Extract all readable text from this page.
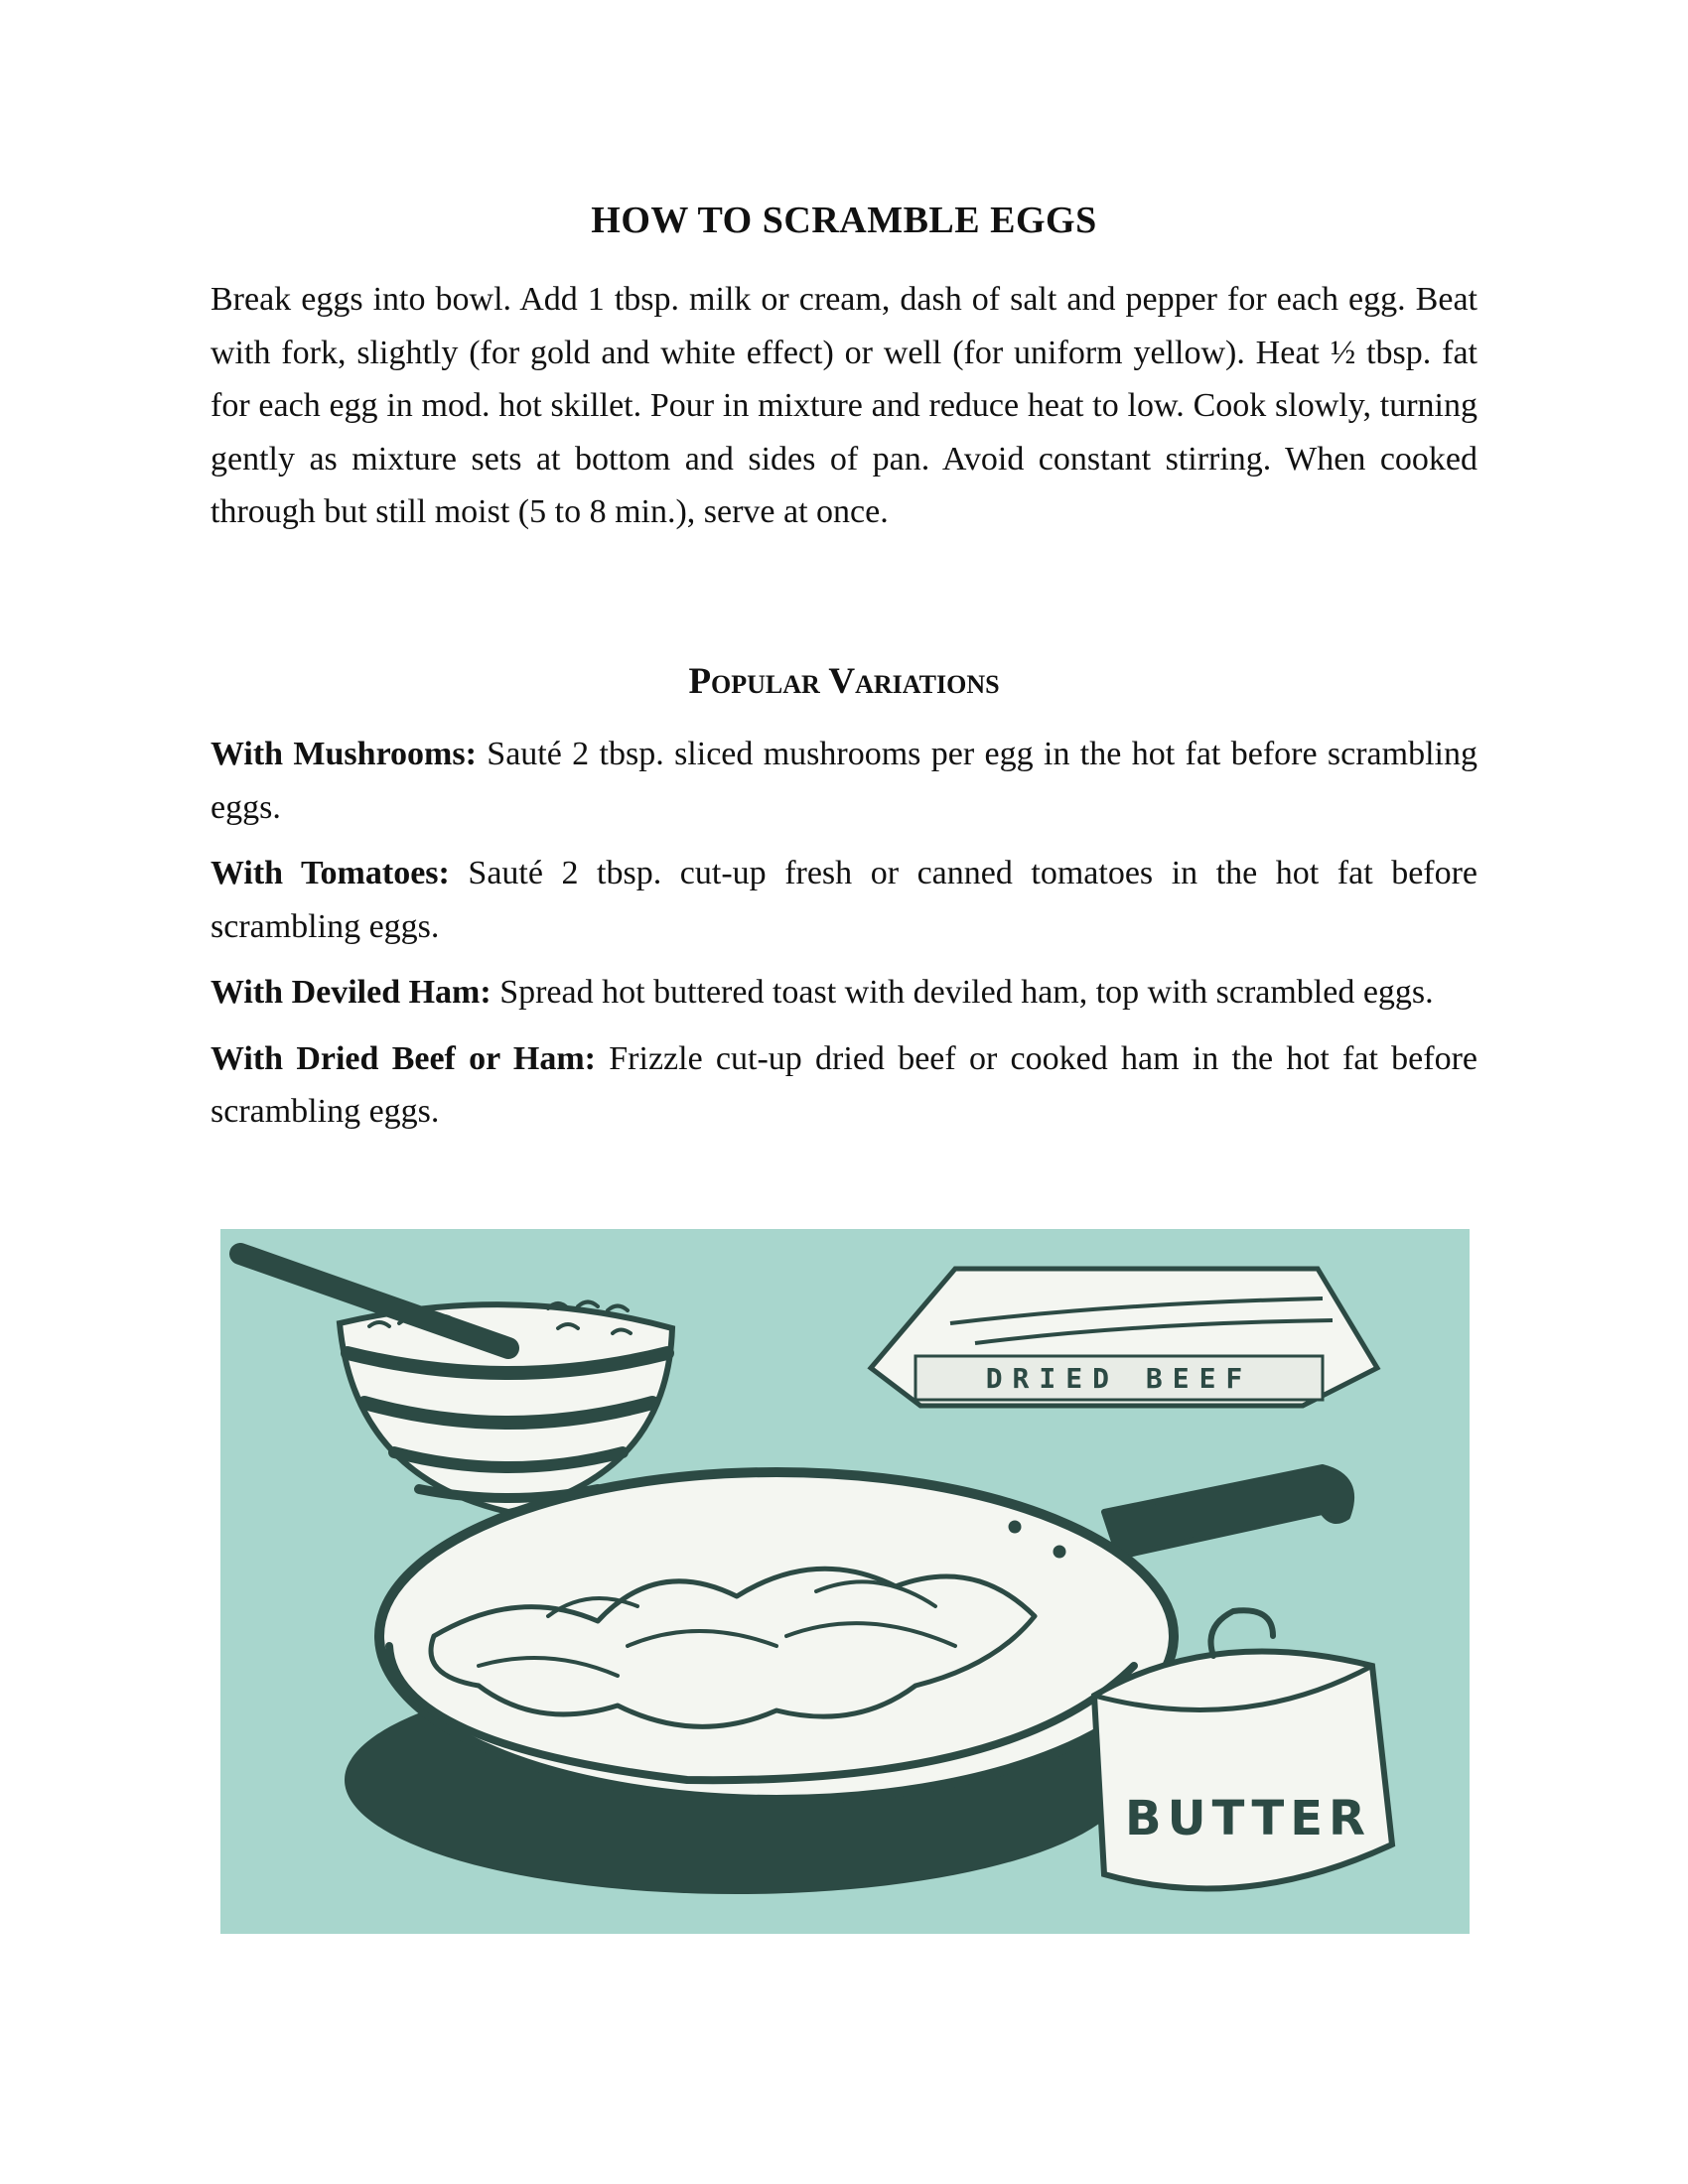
HOW TO SCRAMBLE EGGS

Break eggs into bowl. Add 1 tbsp. milk or cream, dash of salt and pepper for each egg. Beat with fork, slightly (for gold and white effect) or well (for uniform yellow). Heat ½ tbsp. fat for each egg in mod. hot skillet. Pour in mixture and reduce heat to low. Cook slowly, turning gently as mixture sets at bottom and sides of pan. Avoid constant stirring. When cooked through but still moist (5 to 8 min.), serve at once.

Popular Variations

With Mushrooms: Sauté 2 tbsp. sliced mushrooms per egg in the hot fat before scrambling eggs.

With Tomatoes: Sauté 2 tbsp. cut-up fresh or canned tomatoes in the hot fat before scrambling eggs.

With Deviled Ham: Spread hot buttered toast with deviled ham, top with scrambled eggs.

With Dried Beef or Ham: Frizzle cut-up dried beef or cooked ham in the hot fat before scrambling eggs.

DRIED BEEF
BUTTER
